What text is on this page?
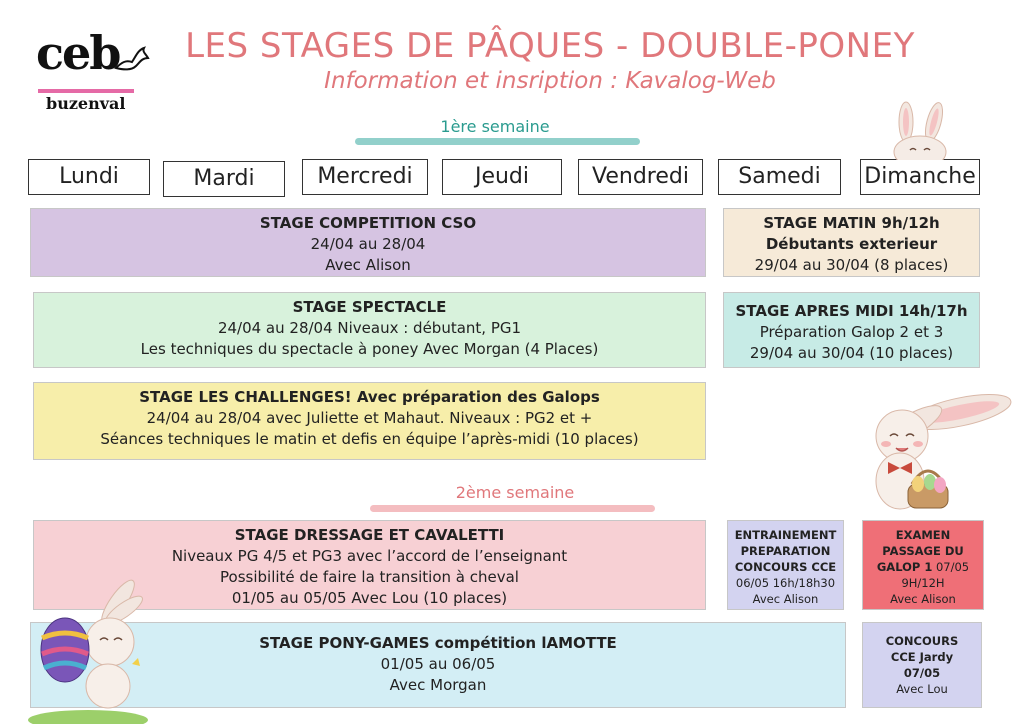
ceb
buzenval
LES STAGES DE PÂQUES - DOUBLE-PONEY
Information et insription : Kavalog-Web
1ère semaine
Lundi	Mardi	Mercredi	Jeudi	Vendredi	Samedi	Dimanche
STAGE COMPETITION CSO
24/04 au 28/04
Avec Alison
STAGE SPECTACLE
24/04 au 28/04 Niveaux : débutant, PG1
Les techniques du spectacle à poney Avec Morgan (4 Places)
STAGE LES CHALLENGES! Avec préparation des Galops
24/04 au 28/04 avec Juliette et Mahaut. Niveaux : PG2 et +
Séances techniques le matin et defis en équipe l’après-midi (10 places)
STAGE MATIN 9h/12h
Débutants exterieur
29/04 au 30/04 (8 places)
STAGE APRES MIDI 14h/17h
Préparation Galop 2 et 3
29/04 au 30/04 (10 places)
2ème semaine
STAGE DRESSAGE ET CAVALETTI
Niveaux PG 4/5 et PG3 avec l’accord de l’enseignant
Possibilité de faire la transition à cheval
01/05 au 05/05 Avec Lou (10 places)
ENTRAINEMENT
PREPARATION
CONCOURS CCE
06/05 16h/18h30
Avec Alison
EXAMEN
PASSAGE DU
GALOP 1 07/05
9H/12H
Avec Alison
STAGE PONY-GAMES compétition lAMOTTE
01/05 au 06/05
Avec Morgan
CONCOURS
CCE Jardy
07/05
Avec Lou
